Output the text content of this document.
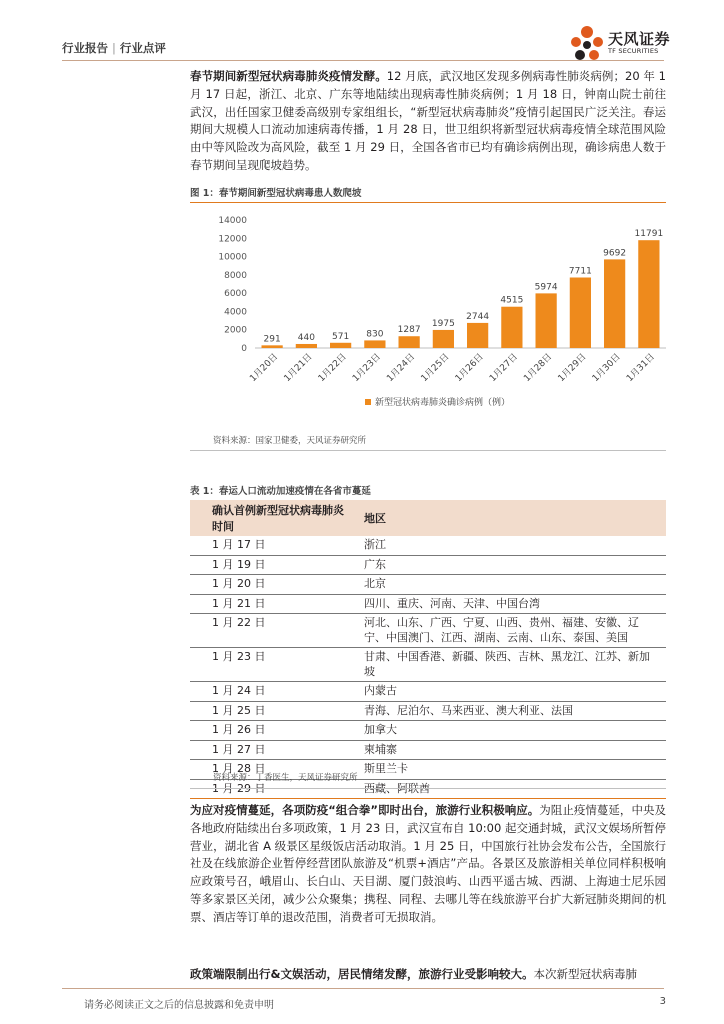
行业报告 | 行业点评	天风证券
TF SECURITIES
春节期间新型冠状病毒肺炎疫情发酵。12 月底，武汉地区发现多例病毒性肺炎病例；20 年 1 月 17 日起，浙江、北京、广东等地陆续出现病毒性肺炎病例；1 月 18 日，钟南山院士前往武汉，出任国家卫健委高级别专家组组长，“新型冠状病毒肺炎”疫情引起国民广泛关注。春运期间大规模人口流动加速病毒传播，1 月 28 日，世卫组织将新型冠状病毒疫情全球范围风险由中等风险改为高风险，截至 1 月 29 日，全国各省市已均有确诊病例出现，确诊病患人数于春节期间呈现爬坡趋势。
图 1：春节期间新型冠状病毒患人数爬坡
0
2000
4000
6000
8000
10000
12000
14000
291 440 571 830 1287
1975
2744
4515
5974
7711
9692
11791
1月20日 1月21日 1月22日 1月23日 1月24日 1月25日 1月26日 1月27日 1月28日 1月29日 1月30日 1月31日
新型冠状病毒肺炎确诊病例（例）
资料来源：国家卫健委，天风证券研究所
表 1：春运人口流动加速疫情在各省市蔓延
确认首例新型冠状病毒肺炎时间	地区
1 月 17 日	浙江
1 月 19 日	广东
1 月 20 日	北京
1 月 21 日	四川、重庆、河南、天津、中国台湾
1 月 22 日	河北、山东、广西、宁夏、山西、贵州、福建、安徽、辽宁、中国澳门、江西、湖南、云南、山东、泰国、美国
1 月 23 日	甘肃、中国香港、新疆、陕西、吉林、黑龙江、江苏、新加坡
1 月 24 日	内蒙古
1 月 25 日	青海、尼泊尔、马来西亚、澳大利亚、法国
1 月 26 日	加拿大
1 月 27 日	柬埔寨
1 月 28 日	斯里兰卡
1 月 29 日	西藏、阿联酋
资料来源：丁香医生，天风证券研究所
为应对疫情蔓延，各项防疫“组合拳”即时出台，旅游行业积极响应。为阻止疫情蔓延，中央及各地政府陆续出台多项政策，1 月 23 日，武汉宣布自 10:00 起交通封城，武汉文娱场所暂停营业，湖北省 A 级景区星级饭店活动取消。1 月 25 日，中国旅行社协会发布公告，全国旅行社及在线旅游企业暂停经营团队旅游及“机票+酒店”产品。各景区及旅游相关单位同样积极响应政策号召，峨眉山、长白山、天目湖、厦门鼓浪屿、山西平遥古城、西湖、上海迪士尼乐园等多家景区关闭，减少公众聚集；携程、同程、去哪儿等在线旅游平台扩大新冠肺炎期间的机票、酒店等订单的退改范围，消费者可无损取消。
政策端限制出行&文娱活动，居民情绪发酵，旅游行业受影响较大。本次新型冠状病毒肺
请务必阅读正文之后的信息披露和免责申明	3
